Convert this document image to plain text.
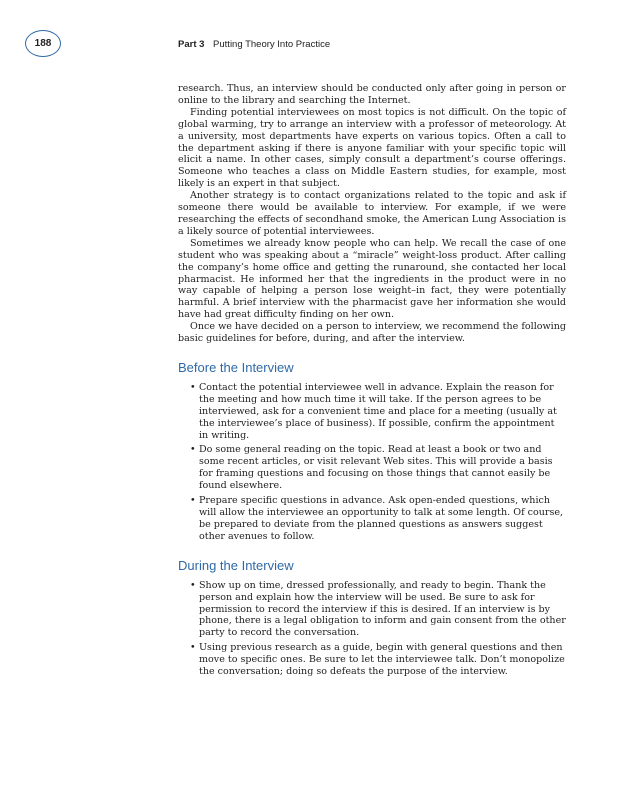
188	Part 3 Putting Theory Into Practice

research. Thus, an interview should be conducted only after going in person or online to the library and searching the Internet.

Finding potential interviewees on most topics is not difficult. On the topic of global warming, try to arrange an interview with a professor of meteorology. At a university, most departments have experts on various topics. Often a call to the department asking if there is anyone familiar with your specific topic will elicit a name. In other cases, simply consult a department’s course offerings. Someone who teaches a class on Middle Eastern studies, for example, most likely is an expert in that subject.

Another strategy is to contact organizations related to the topic and ask if someone there would be available to interview. For example, if we were researching the effects of secondhand smoke, the American Lung Association is a likely source of potential interviewees.

Sometimes we already know people who can help. We recall the case of one student who was speaking about a “miracle” weight-loss product. After calling the company’s home office and getting the runaround, she contacted her local pharmacist. He informed her that the ingredients in the product were in no way capable of helping a person lose weight–in fact, they were potentially harmful. A brief interview with the pharmacist gave her information she would have had great difficulty finding on her own.

Once we have decided on a person to interview, we recommend the following basic guidelines for before, during, and after the interview.

Before the Interview
• Contact the potential interviewee well in advance. Explain the reason for the meeting and how much time it will take. If the person agrees to be interviewed, ask for a convenient time and place for a meeting (usually at the interviewee’s place of business). If possible, confirm the appointment in writing.
• Do some general reading on the topic. Read at least a book or two and some recent articles, or visit relevant Web sites. This will provide a basis for framing questions and focusing on those things that cannot easily be found elsewhere.
• Prepare specific questions in advance. Ask open-ended questions, which will allow the interviewee an opportunity to talk at some length. Of course, be prepared to deviate from the planned questions as answers suggest other avenues to follow.
During the Interview
• Show up on time, dressed professionally, and ready to begin. Thank the person and explain how the interview will be used. Be sure to ask for permission to record the interview if this is desired. If an interview is by phone, there is a legal obligation to inform and gain consent from the other party to record the conversation.
• Using previous research as a guide, begin with general questions and then move to specific ones. Be sure to let the interviewee talk. Don’t monopolize the conversation; doing so defeats the purpose of the interview.
